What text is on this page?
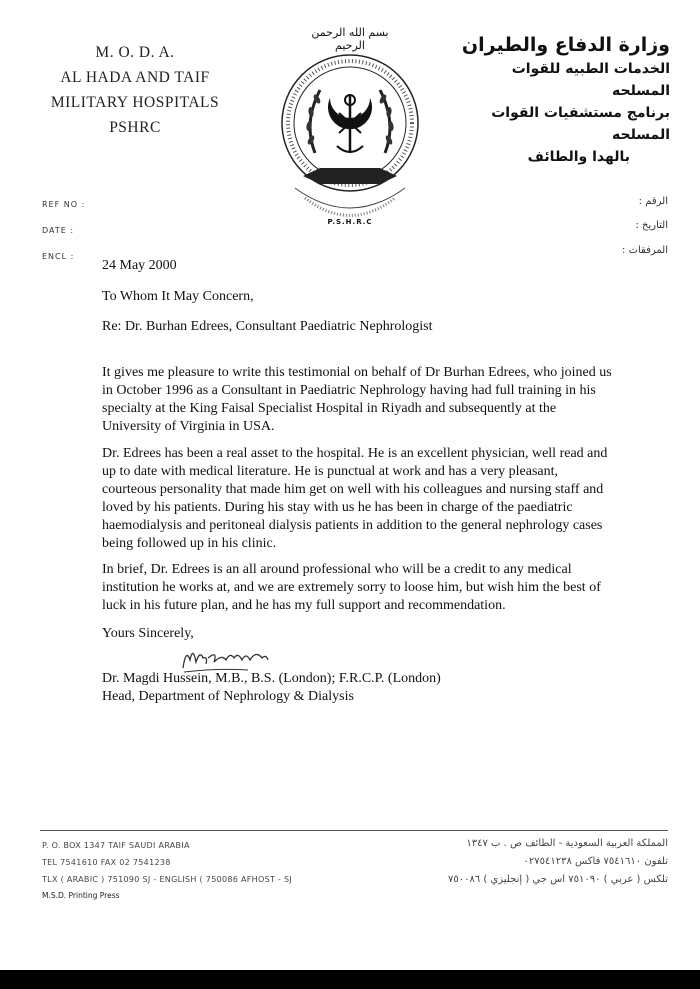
M. O. D. A.
AL HADA AND TAIF
MILITARY HOSPITALS
PSHRC
بسم الله الرحمن الرحيم
P.S.H.R.C
وزارة الدفاع والطيران
الخدمات الطبيه للقوات المسلحه
برنامج مستشفيات القوات المسلحه
بالهدا والطائف
REF NO :
DATE :
ENCL :
الرقم :
التاريخ :
المرفقات :
24 May 2000
To Whom It May Concern,
Re: Dr. Burhan Edrees, Consultant Paediatric Nephrologist

It gives me pleasure to write this testimonial on behalf of Dr Burhan Edrees, who joined us in October 1996 as a Consultant in Paediatric Nephrology having had full training in his specialty at the King Faisal Specialist Hospital in Riyadh and subsequently at the University of Virginia in USA.

Dr. Edrees has been a real asset to the hospital. He is an excellent physician, well read and up to date with medical literature. He is punctual at work and has a very pleasant, courteous personality that made him get on well with his colleagues and nursing staff and loved by his patients. During his stay with us he has been in charge of the paediatric haemodialysis and peritoneal dialysis patients in addition to the general nephrology cases being followed up in his clinic.

In brief, Dr. Edrees is an all around professional who will be a credit to any medical institution he works at, and we are extremely sorry to loose him, but wish him the best of luck in his future plan, and he has my full support and recommendation.

Yours Sincerely,
Dr. Magdi Hussein, M.B., B.S. (London); F.R.C.P. (London)
Head, Department of Nephrology & Dialysis
P. O. BOX 1347 TAIF SAUDI ARABIA
TEL 7541610 FAX 02 7541238
TLX ( ARABIC ) 751090 SJ - ENGLISH ( 750086 AFHOST - SJ
المملكة العربية السعودية - الطائف ص . ب ١٣٤٧
تلفون ٧٥٤١٦١٠ فاكس ٠٢٧٥٤١٢٣٨
تلكس ( عربي ) ٧٥١٠٩٠ اس جي ( إنجليزي ) ٧٥٠٠٨٦
M.S.D. Printing Press
